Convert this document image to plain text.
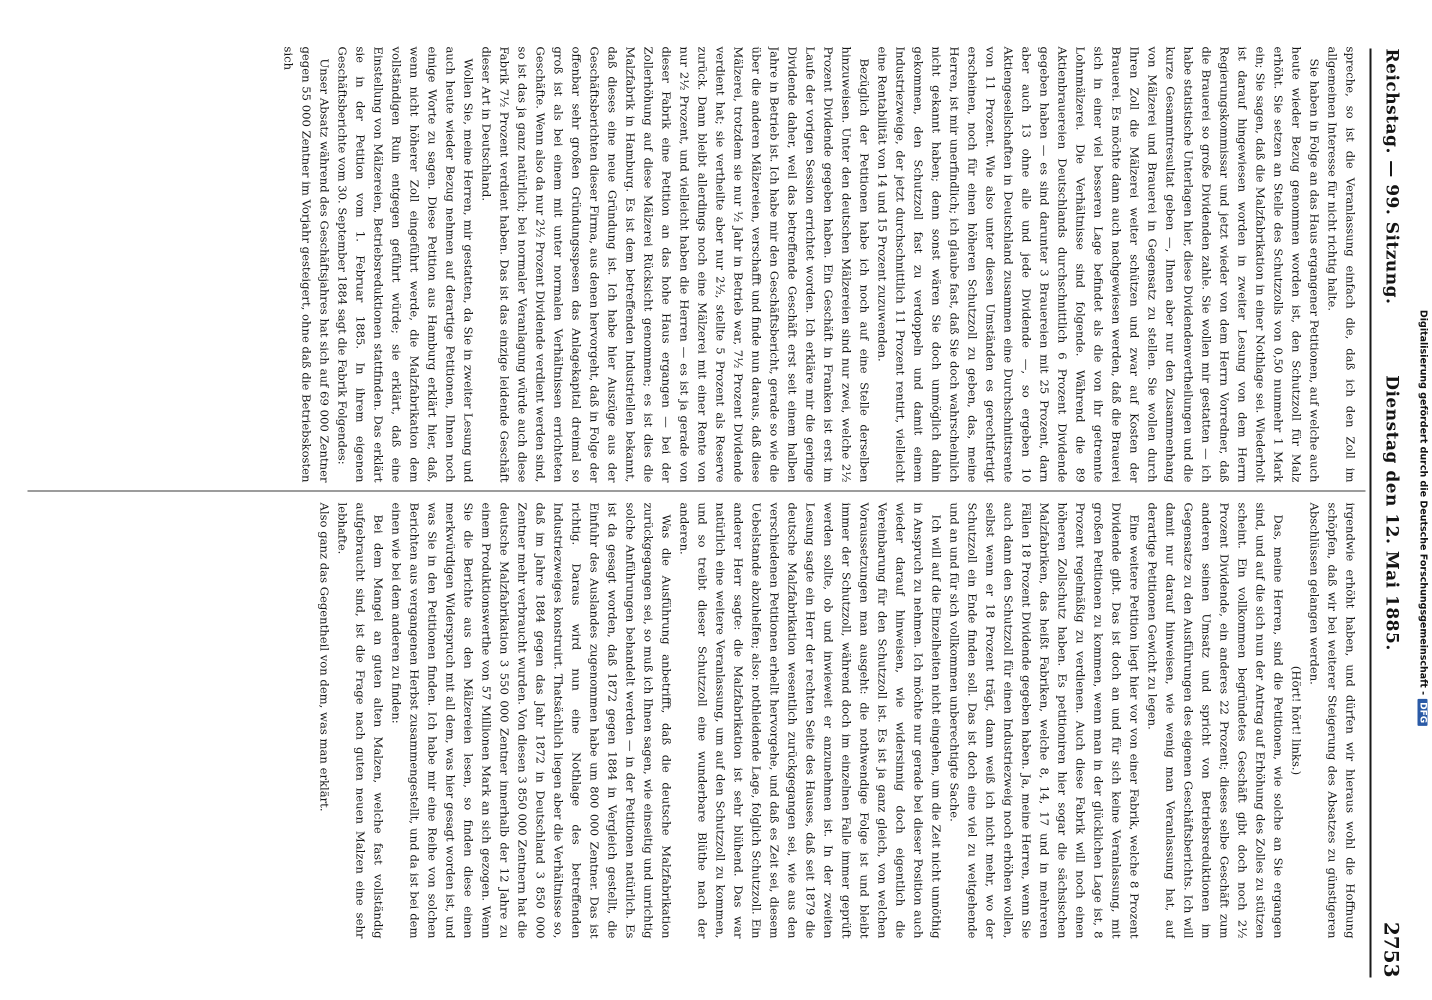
Reichstag. — 99. Sitzung.
Dienstag den 12. Mai 1885.
2753

spreche, so ist die Veranlassung einfach die, daß ich den Zoll im allgemeinen Interesse für nicht richtig halte.

Sie haben in Folge an das Haus ergangener Petitionen, auf welche auch heute wieder Bezug genommen worden ist, den Schutzzoll für Malz erhöht. Sie setzen an Stelle des Schutzzolls von 0,50 nunmehr 1 Mark ein; Sie sagen, daß die Malzfabrikation in einer Nothlage sei. Wiederholt ist darauf hingewiesen worden in zweiter Lesung von dem Herrn Regierungskommissar und jetzt wieder von dem Herrn Vorredner, daß die Brauerei so große Dividenden zahle. Sie wollen mir gestatten — ich habe statistische Unterlagen hier, diese Dividendenvertheilungen und die kurze Gesammtresultat geben —, Ihnen aber nur den Zusammenhang von Mälzerei und Brauerei in Gegensatz zu stellen. Sie wollen durch Ihren Zoll die Mälzerei weiter schützen und zwar auf Kosten der Brauerei. Es möchte dann auch nachgewiesen werden, daß die Brauerei sich in einer viel besseren Lage befindet als die von ihr getrennte Lohnmälzerei. Die Verhältnisse sind folgende. Während die 89 Aktienbrauereien Deutschlands durchschnittlich 6 Prozent Dividende gegeben haben — es sind darunter 3 Brauereien mit 25 Prozent, darn aber auch 13 ohne alle und jede Dividende —, so ergeben 10 Aktiengesellschaften in Deutschland zusammen eine Durchschnittsrente von 11 Prozent. Wie also unter diesen Umständen es gerechtfertigt erscheinen, noch für einen höheren Schutzzoll zu geben, das, meine Herren, ist mir unerfindlich; ich glaube fast, daß Sie doch wahrscheinlich nicht gekannt haben; denn sonst wären Sie doch unmöglich dahin gekommen, den Schutzzoll fast zu verdoppeln und damit einem Industriezweige, der jetzt durchschnittlich 11 Prozent rentirt, vielleicht eine Rentabilität von 14 und 15 Prozent zuzuwenden.

Bezüglich der Petitionen habe ich noch auf eine Stelle derselben hinzuweisen. Unter den deutschen Mälzereien sind nur zwei, welche 2½ Prozent Dividende gegeben haben. Ein Geschäft in Franken ist erst im Laufe der vorigen Session errichtet worden. Ich erkläre mir die geringe Dividende daher, weil das betreffende Geschäft erst seit einem halben Jahre in Betrieb ist. Ich habe mir den Geschäftsbericht, gerade so wie die über die anderen Mälzereien, verschafft und finde nun daraus, daß diese Mälzerei, trotzdem sie nur ½ Jahr in Betrieb war, 7½ Prozent Dividende verdient hat; sie vertheilte aber nur 2½, stellte 5 Prozent als Reserve zurück. Dann bleibt allerdings noch eine Mälzerei mit einer Rente von nur 2½ Prozent, und vielleicht haben die Herren — es ist ja gerade von dieser Fabrik eine Petition an das hohe Haus ergangen — bei der Zollerhöhung auf diese Mälzerei Rücksicht genommen; es ist dies die Malzfabrik in Hamburg. Es ist dem betreffenden Industriellen bekannt, daß dieses eine neue Gründung ist. Ich habe hier Auszüge aus der Geschäftsberichten dieser Firma, aus denen hervorgeht, daß in Folge der offenbar sehr großen Gründungsspesen das Anlagekapital dreimal so groß ist als bei einem mit unter normalen Verhältnissen errichteten Geschäfte. Wenn also da nur 2½ Prozent Dividende verdient werden sind, so ist das ja ganz natürlich; bei normaler Veranlagung würde auch diese Fabrik 7½ Prozent verdient haben. Das ist das einzige leidende Geschäft dieser Art in Deutschland.

Wollen Sie, meine Herren, mir gestatten, da Sie in zweiter Lesung und auch heute wieder Bezug nehmen auf derartige Petitionen, Ihnen noch einige Worte zu sagen. Diese Petition aus Hamburg erklärt hier, daß, wenn nicht höherer Zoll eingeführt werde, die Malzfabrikation dem vollständigen Ruin entgegen geführt würde; sie erklärt, daß eine Einstellung von Mälzereien, Betriebsreduktionen stattfinden. Das erklärt sie in der Petition vom 1. Februar 1885. In ihrem eigenen Geschäftsberichte vom 30. September 1884 sagt die Fabrik Folgendes:

Unser Absatz während des Geschäftsjahres hat sich auf 69 000 Zentner gegen 55 000 Zentner im Vorjahr gesteigert, ohne daß die Betriebskosten sich

irgendwie erhöht haben, und dürfen wir hieraus wohl die Hoffnung schöpfen, daß wir bei weiterer Steigerung des Absatzes zu günstigeren Abschlüssen gelangen werden.

(Hört! hört! links.)

Das, meine Herren, sind die Petitionen, wie solche an Sie ergangen sind, und auf die sich nun der Antrag auf Erhöhung des Zolles zu stützen scheint. Ein vollkommen begründetes Geschäft gibt doch noch 2½ Prozent Dividende, ein anderes 22 Prozent; dieses selbe Geschäft zum anderen seinen Umsatz und spricht von Betriebsreduktionen im Gegensatze zu den Ausführungen des eigenen Geschäftsberichts. Ich will damit nur darauf hinweisen, wie wenig man Veranlassung hat, auf derartige Petitionen Gewicht zu legen.

Eine weitere Petition liegt hier vor von einer Fabrik, welche 8 Prozent Dividende gibt. Das ist doch an und für sich keine Veranlassung, mit großen Petitionen zu kommen, wenn man in der glücklichen Lage ist, 8 Prozent regelmäßig zu verdienen. Auch diese Fabrik will noch einen höheren Zollschutz haben. Es petitioniren hier sogar die sächsischen Malzfabriken, das heißt Fabriken, welche 8, 14, 17 und in mehreren Fällen 18 Prozent Dividende gegeben haben. Ja, meine Herren, wenn Sie auch dann den Schutzzoll für einen Industriezweig noch erhöhen wollen, selbst wenn er 18 Prozent trägt, dann weiß ich nicht mehr, wo der Schutzzoll ein Ende finden soll. Das ist doch eine viel zu weitgehende und an und für sich vollkommen unberechtigte Sache.

Ich will auf die Einzelheiten nicht eingehen, um die Zeit nicht unnöthig in Anspruch zu nehmen. Ich möchte nur gerade bei dieser Position auch wieder darauf hinweisen, wie widersinnig doch eigentlich die Vereinbarung für den Schutzzoll ist. Es ist ja ganz gleich, von welchen Voraussetzungen man ausgeht: die nothwendige Folge ist und bleibt immer der Schutzzoll, während doch im einzelnen Falle immer geprüft werden sollte, ob und inwieweit er anzunehmen ist. In der zweiten Lesung sagte ein Herr der rechten Seite des Hauses, daß seit 1879 die deutsche Malzfabrikation wesentlich zurückgegangen sei, wie aus den verschiedenen Petitionen erhellt hervorgehe, und daß es Zeit sei, diesem Uebelstande abzuhelfen; also: nothleidende Lage, folglich Schutzzoll. Ein anderer Herr sagte: die Malzfabrikation ist sehr blühend. Das war natürlich eine weitere Veranlassung, um auf den Schutzzoll zu kommen, und so treibt dieser Schutzzoll eine wunderbare Blüthe nach der anderen.

Was die Ausführung anbetrifft, daß die deutsche Malzfabrikation zurückgegangen sei, so muß ich Ihnen sagen, wie einseitig und unrichtig solche Anführungen behandelt werden — in der Petitionen natürlich. Es ist da gesagt worden, daß 1872 gegen 1884 in Vergleich gestellt, die Einfuhr des Auslandes zugenommen habe um 800 000 Zentner. Das ist richtig. Daraus wird nun eine Nothlage des betreffenden Industriezweiges konstruirt. Thatsächlich liegen aber die Verhältnisse so, daß im Jahre 1884 gegen das Jahr 1872 in Deutschland 3 850 000 Zentner mehr verbraucht wurden. Von diesen 3 850 000 Zentnern hat die deutsche Malzfabrikation 3 550 000 Zentner innerhalb der 12 Jahre zu einem Produktionswerthe von 57 Millionen Mark an sich gezogen. Wenn Sie die Berichte aus den Mälzereien lesen, so finden diese einen merkwürdigen Widerspruch mit all dem, was hier gesagt worden ist, und was Sie in den Petitionen finden. Ich habe mir eine Reihe von solchen Berichten aus vergangenen Herbst zusammengestellt, und da ist bei dem einen wie bei dem anderen zu finden:

Bei dem Mangel an guten alten Malzen, welche fast vollständig aufgebraucht sind, ist die Frage nach guten neuen Malzen eine sehr lebhafte.

Also ganz das Gegentheil von dem, was man erklärt.	Digitalisierung gefördert durch die Deutsche Forschungsgemeinschaft -DFG
